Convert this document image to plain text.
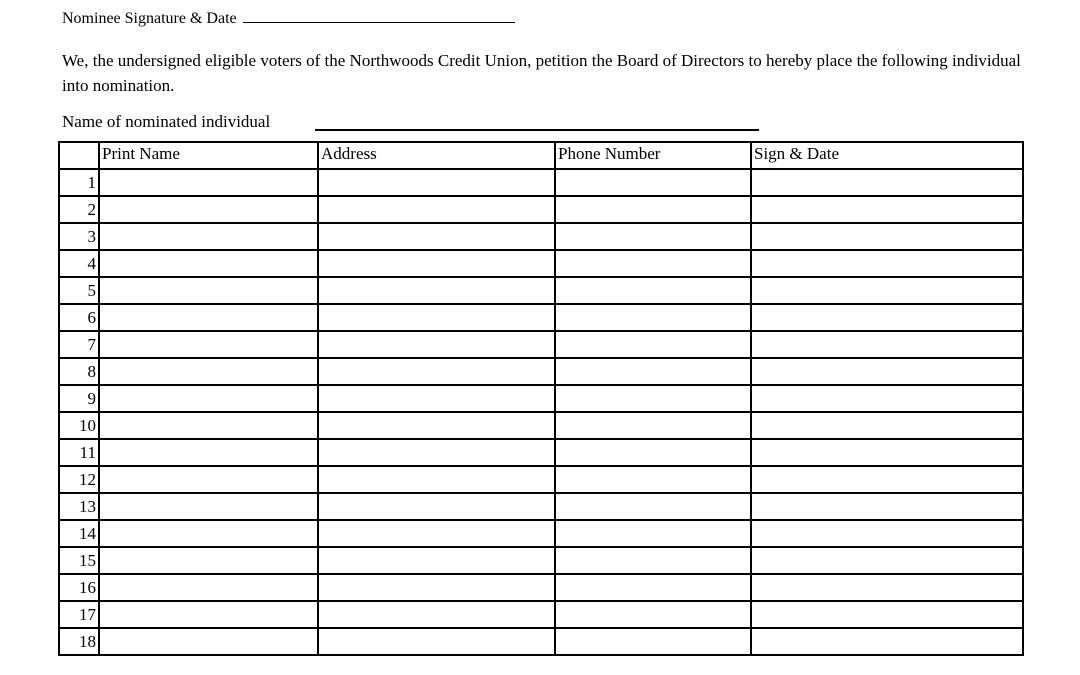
Nominee Signature & Date

We, the undersigned eligible voters of the Northwoods Credit Union, petition the Board of Directors to hereby place the following individual into nomination.

Name of nominated individual
	Print Name	Address	Phone Number	Sign & Date
1				
2				
3				
4				
5				
6				
7				
8				
9				
10				
11				
12				
13				
14				
15				
16				
17				
18				
